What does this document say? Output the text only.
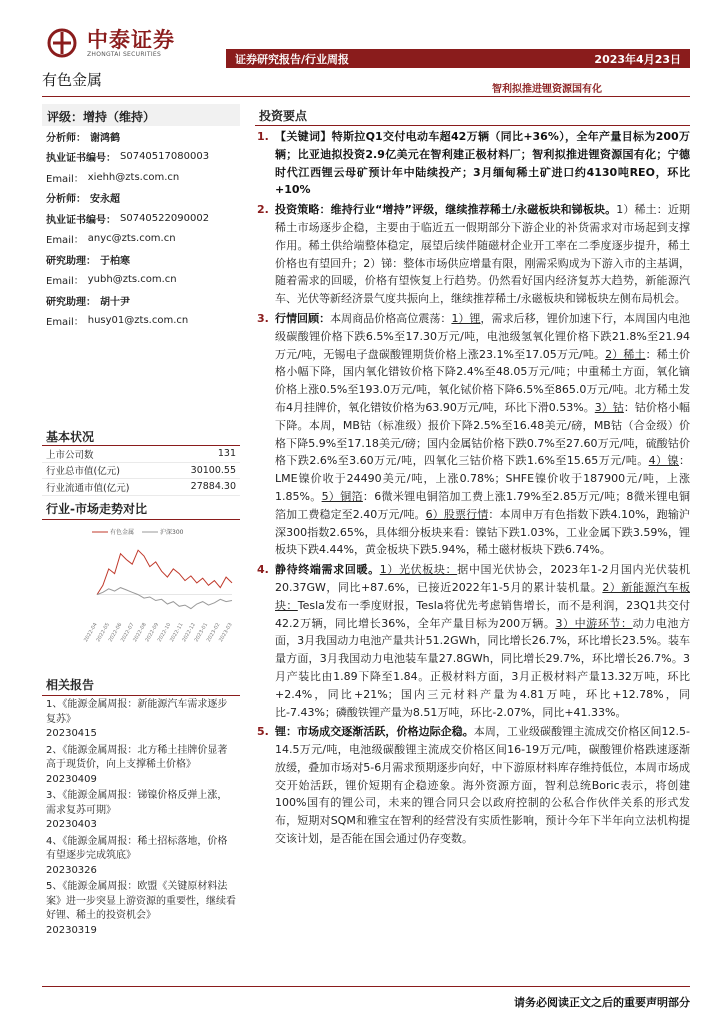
中泰证券
ZHONGTAI SECURITIES	证券研究报告/行业周报	2023年4月23日
有色金属
智利拟推进锂资源国有化
评级：增持（维持）
分析师： 谢鸿鹤
执业证书编号： S0740517080003
Email： xiehh@zts.com.cn
分析师： 安永超
执业证书编号： S0740522090002
Email： anyc@zts.com.cn
研究助理： 于柏寒
Email： yubh@zts.com.cn
研究助理： 胡十尹
Email： husy01@zts.com.cn
基本状况
上市公司数	131
行业总市值(亿元)	30100.55
行业流通市值(亿元)	27884.30
行业-市场走势对比
有色金属	沪深300
2022-04
2022-05
2022-06
2022-07
2022-08
2022-09
2022-10
2022-11
2022-12
2023-01
2023-02
2023-03
相关报告
1、《能源金属周报：新能源汽车需求逐步复苏》
20230415
2、《能源金属周报：北方稀土挂牌价显著高于现货价，向上支撑稀土价格》
20230409
3、《能源金属周报：锑镍价格反弹上涨，需求复苏可期》
20230403
4、《能源金属周报：稀土招标落地，价格有望逐步完成筑底》
20230326
5、《能源金属周报：欧盟《关键原材料法案》进一步突显上游资源的重要性，继续看好锂、稀土的投资机会》
20230319
投资要点
1. 【关键词】特斯拉Q1交付电动车超42万辆（同比+36%），全年产量目标为200万辆；比亚迪拟投资2.9亿美元在智利建正极材料厂；智利拟推进锂资源国有化；宁德时代江西锂云母矿预计年中陆续投产；3月缅甸稀土矿进口约4130吨REO，环比+10%
2. 投资策略：维持行业“增持”评级，继续推荐稀土/永磁板块和锑板块。1）稀土：近期稀土市场逐步企稳，主要由于临近五一假期部分下游企业的补货需求对市场起到支撑作用。稀土供给端整体稳定，展望后续伴随磁材企业开工率在二季度逐步提升，稀土价格也有望回升；2）锑：整体市场供应增量有限，刚需采购成为下游入市的主基调，随着需求的回暖，价格有望恢复上行趋势。仍然看好国内经济复苏大趋势，新能源汽车、光伏等新经济景气度共振向上，继续推荐稀土/永磁板块和锑板块左侧布局机会。
3. 行情回顾：本周商品价格高位震荡：1）锂，需求后移，锂价加速下行，本周国内电池级碳酸锂价格下跌6.5%至17.30万元/吨，电池级氢氧化锂价格下跌21.8%至21.94万元/吨，无锡电子盘碳酸锂期货价格上涨23.1%至17.05万元/吨。2）稀土：稀土价格小幅下降，国内氧化镨钕价格下降2.4%至48.05万元/吨；中重稀土方面，氧化镝价格上涨0.5%至193.0万元/吨，氧化铽价格下降6.5%至865.0万元/吨。北方稀土发布4月挂牌价，氧化镨钕价格为63.90万元/吨，环比下滑0.53%。3）钴：钴价格小幅下降。本周，MB钴（标准级）报价下降2.5%至16.48美元/磅，MB钴（合金级）价格下降5.9%至17.18美元/磅；国内金属钴价格下跌0.7%至27.60万元/吨，硫酸钴价格下跌2.6%至3.60万元/吨，四氧化三钴价格下跌1.6%至15.65万元/吨。4）镍：LME镍价收于24490美元/吨，上涨0.78%；SHFE镍价收于187900元/吨，上涨1.85%。5）铜箔：6微米锂电铜箔加工费上涨1.79%至2.85万元/吨；8微米锂电铜箔加工费稳定至2.40万元/吨。6）股票行情：本周申万有色指数下跌4.10%，跑输沪深300指数2.65%，具体细分板块来看：镍钴下跌1.03%，工业金属下跌3.59%，锂板块下跌4.44%，黄金板块下跌5.94%，稀土磁材板块下跌6.74%。
4. 静待终端需求回暖。1）光伏板块：据中国光伏协会，2023年1-2月国内光伏装机20.37GW，同比+87.6%，已接近2022年1-5月的累计装机量。2）新能源汽车板块：Tesla发布一季度财报，Tesla将优先考虑销售增长，而不是利润，23Q1共交付42.2万辆，同比增长36%，全年产量目标为200万辆。3）中游环节：动力电池方面，3月我国动力电池产量共计51.2GWh，同比增长26.7%，环比增长23.5%。装车量方面，3月我国动力电池装车量27.8GWh，同比增长29.7%，环比增长26.7%。3月产装比由1.89下降至1.84。正极材料方面，3月正极材料产量13.32万吨，环比+2.4%，同比+21%；国内三元材料产量为4.81万吨，环比+12.78%，同比-7.43%；磷酸铁锂产量为8.51万吨，环比-2.07%，同比+41.33%。
5. 锂：市场成交逐渐活跃，价格边际企稳。本周，工业级碳酸锂主流成交价格区间12.5-14.5万元/吨，电池级碳酸锂主流成交价格区间16-19万元/吨，碳酸锂价格跌速逐渐放缓，叠加市场对5-6月需求预期逐步向好，中下游原材料库存维持低位，本周市场成交开始活跃，锂价短期有企稳迹象。海外资源方面，智利总统Boric表示，将创建100%国有的锂公司，未来的锂合同只会以政府控制的公私合作伙伴关系的形式发布，短期对SQM和雅宝在智利的经营没有实质性影响，预计今年下半年向立法机构提交该计划，是否能在国会通过仍存变数。
请务必阅读正文之后的重要声明部分
